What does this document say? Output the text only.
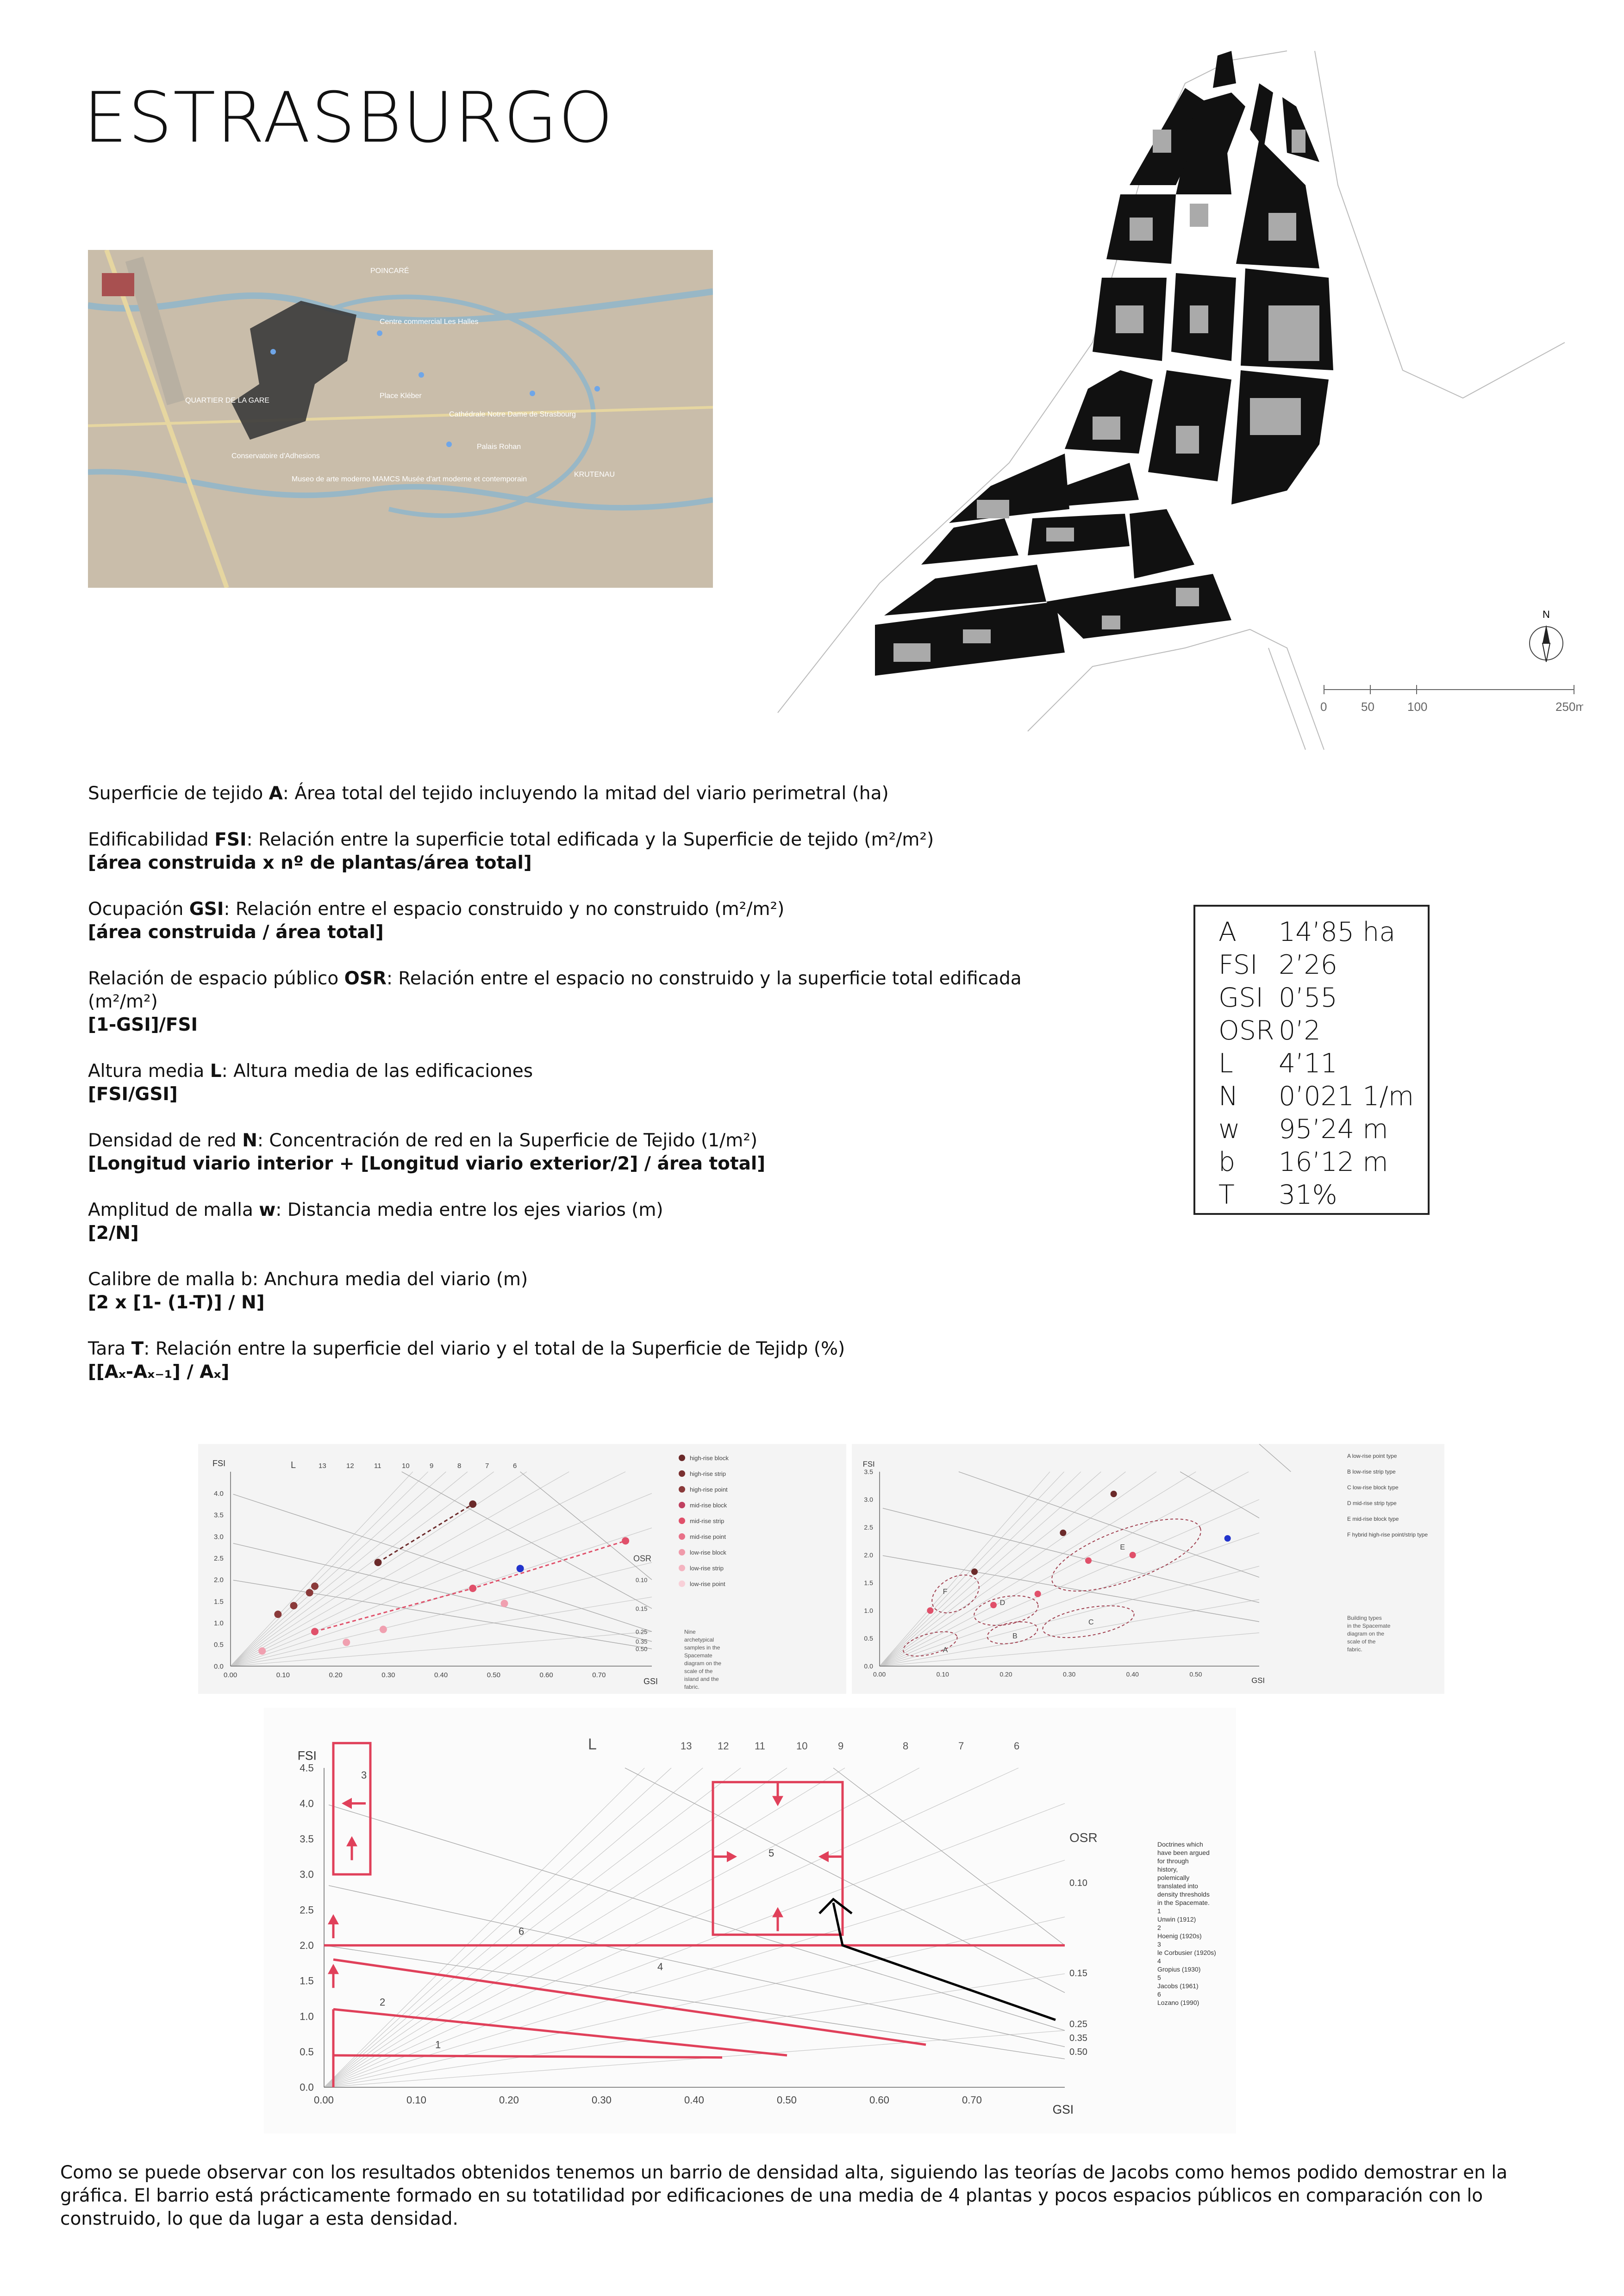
ESTRASBURGO
POINCARÉ
Centre commercial Les Halles
QUARTIER DE LA GARE
Place Kléber
Cathédrale Notre Dame de Strasbourg
Palais Rohan
Conservatoire d'Adhesions
Museo de arte moderno MAMCS Musée d'art moderne et contemporain
KRUTENAU
N
0	50	100	250m
Superficie de tejido A: Área total del tejido incluyendo la mitad del viario perimetral (ha)
Edificabilidad FSI: Relación entre la superficie total edificada y la Superficie de tejido (m²/m²)
[área construida x nº de plantas/área total]
Ocupación GSI: Relación entre el espacio construido y no construido (m²/m²)
[área construida / área total]
Relación de espacio público OSR: Relación entre el espacio no construido y la superficie total edificada (m²/m²)
[1-GSI]/FSI
Altura media L: Altura media de las edificaciones
[FSI/GSI]
Densidad de red N: Concentración de red en la Superficie de Tejido (1/m²)
[Longitud viario interior + [Longitud viario exterior/2] / área total]
Amplitud de malla w: Distancia media entre los ejes viarios (m)
[2/N]
Calibre de malla b: Anchura media del viario (m)
[2 x [1- (1-T)] / N]
Tara T: Relación entre la superficie del viario y el total de la Superficie de Tejidp (%)
[[Aₓ-Aₓ₋₁] / Aₓ]
A	14’85 ha
FSI 2’26
GSI 0’55
OSR 0’2
L	4’11
N	0’021 1/m
w	95’24 m
b	16’12 m
T	31%
0.00	0.10	0.20	0.30	0.40	0.50	0.60	0.70
0.0
0.5
1.0
1.5
2.0
2.5
3.0
3.5
4.0
GSI
FSI	L	13	12	11	10	9	8	7	6
OSR
0.10
0.15
0.25
0.35
0.50
high-rise block
high-rise strip
high-rise point
mid-rise block
mid-rise strip
mid-rise point
low-rise block
low-rise strip
low-rise point
Nine
archetypical
samples in the
Spacemate
diagram on the
scale of the
island and the
fabric.
0.00	0.10	0.20	0.30	0.40	0.50
0.0
0.5
1.0
1.5
2.0
2.5
3.0
3.5
GSI
FSI
F
D
E
C
B
A
A low-rise point type
B low-rise strip type
C low-rise block type
D mid-rise strip type
E mid-rise block type
F hybrid high-rise point/strip type
Building types
in the Spacemate
diagram on the
scale of the
fabric.
0.00	0.10	0.20	0.30	0.40	0.50	0.60	0.70
0.0
0.5
1.0
1.5
2.0
2.5
3.0
3.5
4.0
4.5
GSI
FSI
L	13	12	11	10	9	8	7	6
OSR
0.10
0.15
0.25
0.35
0.50
1
2
3
4
5
6
Doctrines which
have been argued
for through
history,
polemically
translated into
density thresholds
in the Spacemate.
1
Unwin (1912)
2
Hoenig (1920s)
3
le Corbusier (1920s)
4
Gropius (1930)
5
Jacobs (1961)
6
Lozano (1990)
Como se puede observar con los resultados obtenidos tenemos un barrio de densidad alta, siguiendo las teorías de Jacobs como hemos podido demostrar en la gráfica. El barrio está prácticamente formado en su totatilidad por edificaciones de una media de 4 plantas y pocos espacios públicos en comparación con lo construido, lo que da lugar a esta densidad.
